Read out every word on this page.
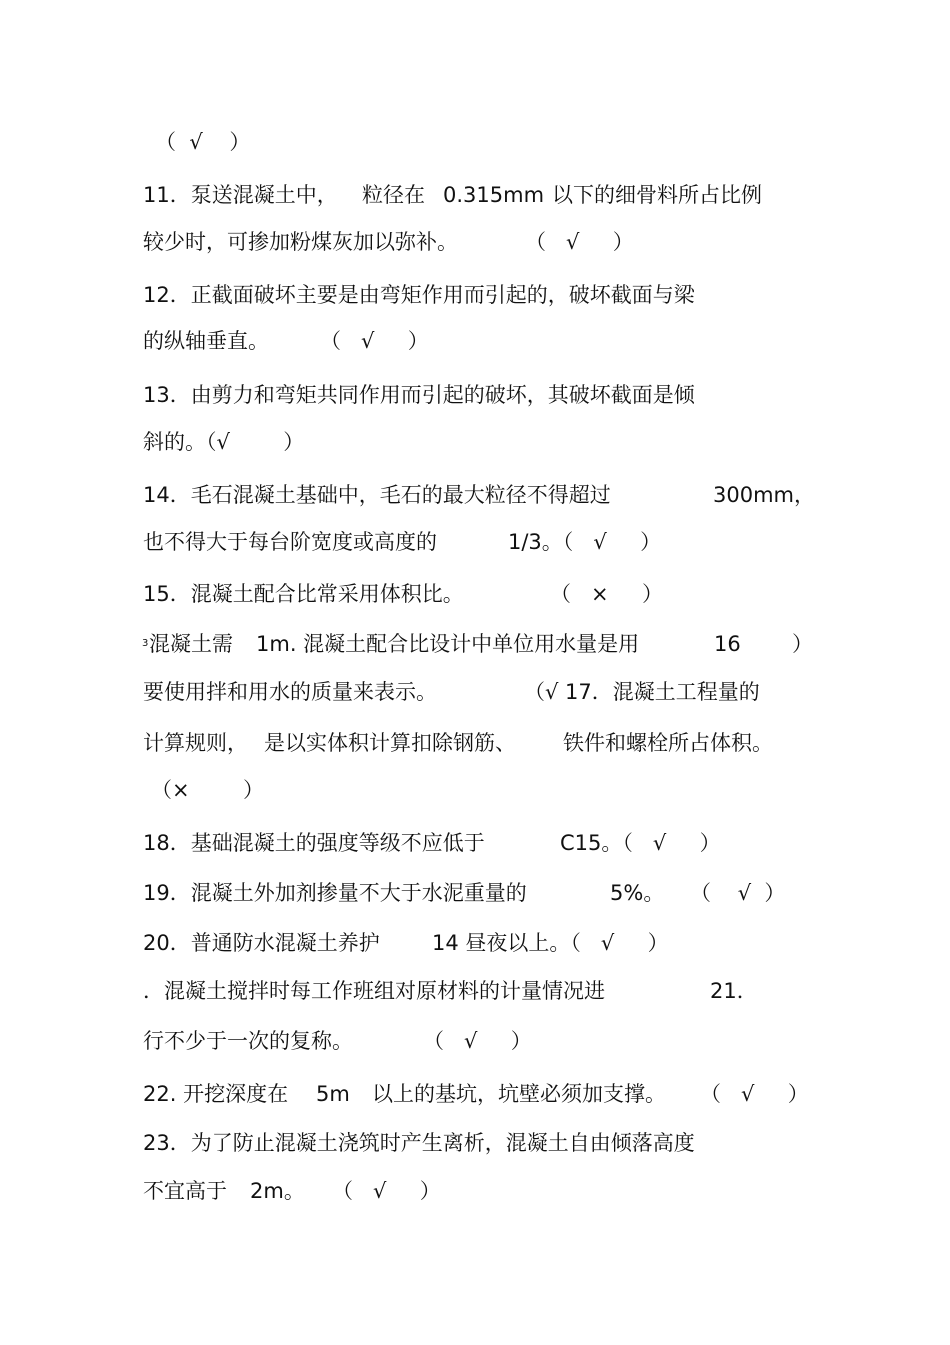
（  √    ）

11．泵送混凝土中，

粒径在

0.315mm

以下的细骨料所占比例

较少时，可掺加粉煤灰加以弥补。

	（   √     ）

12．正截面破坏主要是由弯矩作用而引起的，破坏截面与梁

的纵轴垂直。

（   √     ）

13．由剪力和弯矩共同作用而引起的破坏，其破坏截面是倾

斜的。（√        ）

14．毛石混凝土基础中，毛石的最大粒径不得超过

	300mm，

也不得大于每台阶宽度或高度的

	1/3。（   √     ）

15．混凝土配合比常采用体积比。

	（   ×     ）

3

混凝土需

1m. 混凝土配合比设计中单位用水量是用

	16

）

要使用拌和用水的质量来表示。

	（√ 17．混凝土工程量的

计算规则，

是以实体积计算扣除钢筋、

铁件和螺栓所占体积。

（×        ）

18．基础混凝土的强度等级不应低于

	C15。（   √     ）

19．混凝土外加剂掺量不大于水泥重量的

	5%。

（    √  ）

20．普通防水混凝土养护

14 昼夜以上。（   √     ）

．混凝土搅拌时每工作班组对原材料的计量情况进

	21．

行不少于一次的复称。

	（   √     ）

22. 开挖深度在

5m

以上的基坑，坑壁必须加支撑。

（   √     ）

23．为了防止混凝土浇筑时产生离析，混凝土自由倾落高度

不宜高于

2m。

（   √     ）
